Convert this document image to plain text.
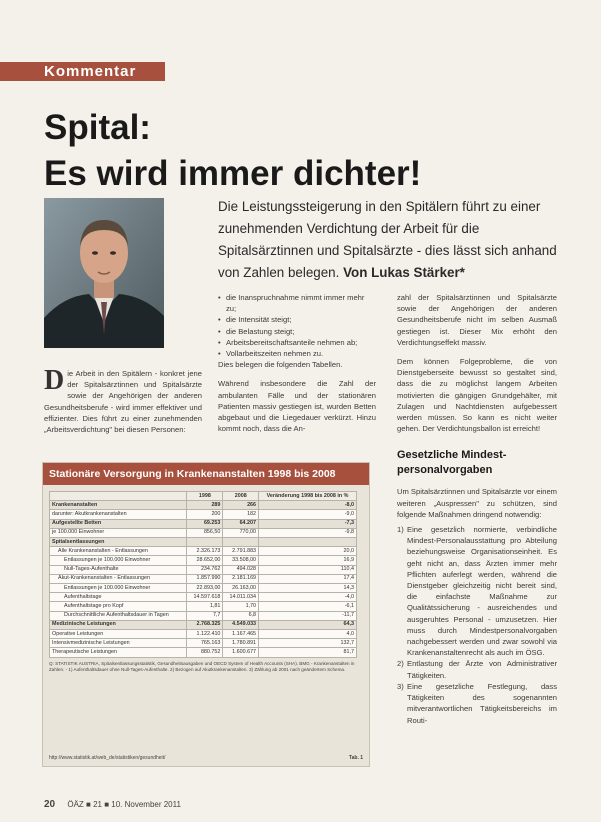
Kommentar
Spital:
Es wird immer dichter!

Die Leistungssteigerung in den Spitälern führt zu einer zunehmenden Verdichtung der Arbeit für die Spitalsärztinnen und Spitalsärzte - dies lässt sich anhand von Zahlen belegen. Von Lukas Stärker*

D ie Arbeit in den Spitälern - konkret jene der Spitalsärztinnen und Spitalsärzte sowie der Angehörigen der anderen Gesundheitsberufe - wird immer effektiver und effizienter. Dies führt zu einer zunehmenden „Arbeitsverdichtung" bei diesen Personen:
• die Inanspruchnahme nimmt immer mehr zu;
• die Intensität steigt;
• die Belastung steigt;
• Arbeitsbereitschaftsanteile nehmen ab;
• Vollarbeitszeiten nehmen zu.

Dies belegen die folgenden Tabellen.

Während insbesondere die Zahl der ambulanten Fälle und der stationären Patienten massiv gestiegen ist, wurden Betten abgebaut und die Liegedauer verkürzt. Hinzu kommt noch, dass die An-

zahl der Spitalsärztinnen und Spitalsärzte sowie der Angehörigen der anderen Gesundheitsberufe nicht im selben Ausmaß gestiegen ist. Dieser Mix erhöht den Verdichtungseffekt massiv.

Dem können Folgeprobleme, die von Dienstgeberseite bewusst so gestaltet sind, dass die zu möglichst langem Arbeiten motivierten die gängigen Grundgehälter, mit Zulagen und Nachtdiensten aufgebessert werden müssen. So kann es nicht weiter gehen. Der Verdichtungsballon ist erreicht!

Gesetzliche Mindest-personalvorgaben

Um Spitalsärztinnen und Spitalsärzte vor einem weiteren „Auspressen" zu schützen, sind folgende Maßnahmen dringend notwendig:

1) Eine gesetzlich normierte, verbindliche Mindest-Personalausstattung pro Abteilung beziehungsweise Organisationseinheit. Es geht nicht an, dass Ärzten immer mehr Pflichten auferlegt werden, während die Dienstgeber gleichzeitig nicht bereit sind, die einfachste Maßnahme zur Qualitätssicherung - ausreichendes und ausgeruhtes Personal - umzusetzen. Hier muss durch Mindestpersonalvorgaben nachgebessert werden und zwar sowohl via Krankenanstaltenrecht als auch im ÖSG.
2) Entlastung der Ärzte von Administrativer Tätigkeiten.
3) Eine gesetzliche Festlegung, dass Tätigkeiten des sogenannten mitverantwortlichen Tätigkeitsbereichs im Routi-
Stationäre Versorgung in Krankenanstalten 1998 bis 2008
	1998	2008	Veränderung 1998 bis 2008 in %
Krankenanstalten	289	266	-8,0
darunter: Akutkrankenanstalten	200	182	-9,0
Aufgestellte Betten	69.253	64.207	-7,3
je 100.000 Einwohner	856,50	770,00	-9,8
Spitalsentlassungen			
Alle Krankenanstalten - Entlassungen	2.326.173	2.791.883	20,0
Entlassungen je 100.000 Einwohner	28.652,00	33.508,00	16,9
Null-Tages-Aufenthalte	234.762	494.028	110,4
Akut-Krankenanstalten - Entlassungen	1.857.990	2.181.169	17,4
Entlassungen je 100.000 Einwohner	22.893,00	26.163,00	14,3
Aufenthaltstage	14.597.618	14.011.034	-4,0
Aufenthaltstage pro Kopf	1,81	1,70	-6,1
Durchschnittliche Aufenthaltsdauer in Tagen	7,7	6,8	-11,7
Medizinische Leistungen	2.768.325	4.549.033	64,3
Operative Leistungen	1.122.410	1.167.465	4,0
Intensivmedizinische Leistungen	765.163	1.780.891	132,7
Therapeutische Leistungen	880.752	1.600.677	81,7

Q: STATISTIK AUSTRIA, Spitalsentlassungsstatistik, Gesundheitsausgaben und OECD System of Health Accounts (SHA). BMG - Krankenanstalten in Zahlen. - 1) Aufenthaltsdauer ohne Null-Tages-Aufenthalte. 2) Bezogen auf Akutkrankenanstalten. 3) Zählung ab 2001 nach geändertem Schema.

http://www.statistik.at/web_de/statistiken/gesundheit/	Tab. 1
20 ÖÄZ ■ 21 ■ 10. November 2011
